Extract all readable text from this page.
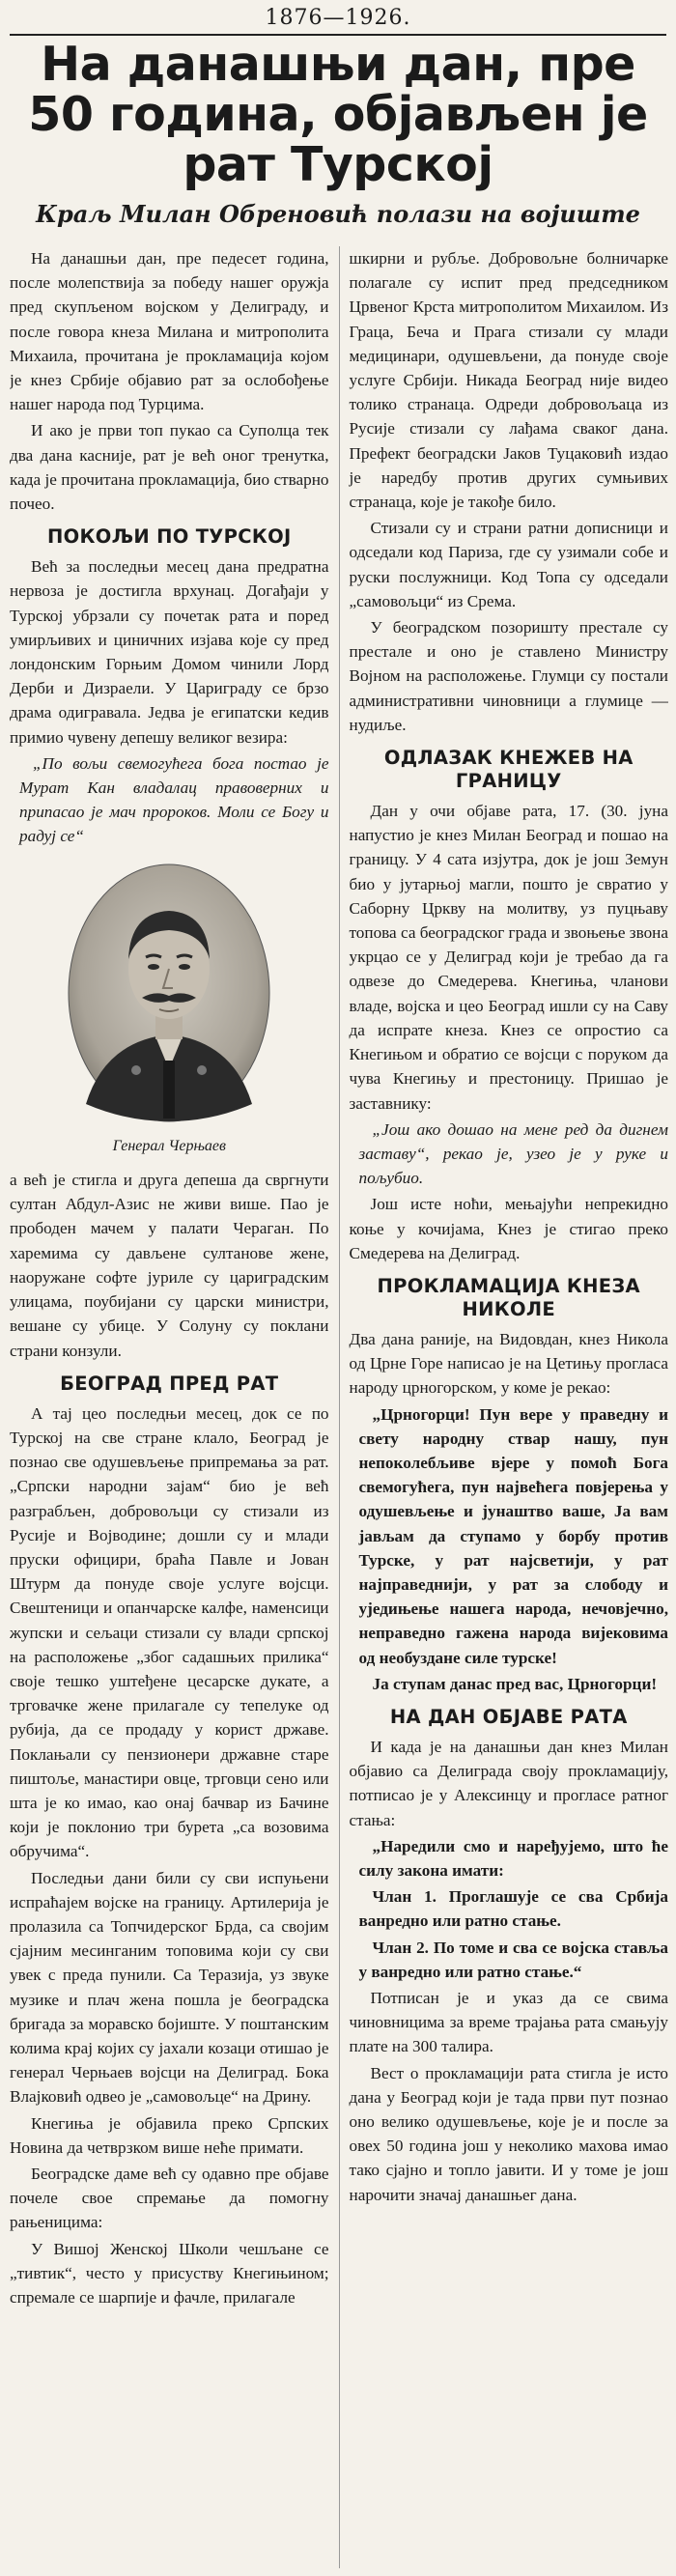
1876—1926.
На данашњи дан, пре 50 година, објављен је рат Турској
Краљ Милан Обреновић полази на војиште

На данашњи дан, пре педесет година, после молепствија за победу нашег оружја пред скупљеном војском у Делиграду, и после говора кнеза Милана и митрополита Михаила, прочитана је прокламација којом је кнез Србије објавио рат за ослобођење нашег народа под Турцима.

И ако је први топ пукао са Суполца тек два дана касније, рат је већ оног тренутка, када је прочитана прокламација, био стварно почео.

ПОКОЉИ ПО ТУРСКОЈ

Већ за последњи месец дана предратна нервоза је достигла врхунац. Догађаји у Турској убрзали су почетак рата и поред умирљивих и циничних изјава које су пред лондонским Горњим Домом чинили Лорд Дерби и Дизраели. У Цариграду се брзо драма одигравала. Једва је египатски кедив примио чувену депешу великог везира:

„По вољи свемогућега бога постао је Мурат Кан владалац правоверних и припасао је мач пророков. Моли се Богу и радуј се“

Генерал Черњаев

а већ је стигла и друга депеша да свргнути султан Абдул-Азис не живи више. Пао је прободен мачем у палати Чераган. По харемима су дављене султанове жене, наоружане софте јуриле су цариградским улицама, поубијани су царски министри, вешане су убице. У Солуну су поклани страни конзули.

БЕОГРАД ПРЕД РАТ

А тај цео последњи месец, док се по Турској на све стране клало, Београд је познао све одушевљење припремања за рат. „Српски народни зајам“ био је већ разграбљен, добровољци су стизали из Русије и Војводине; дошли су и млади пруски официри, браћа Павле и Јован Штурм да понуде своје услуге војсци. Свештеници и опанчарске калфе, наменсици жупски и сељаци стизали су влади српској на расположење „због садашњих прилика“ своје тешко уштеђене цесарске дукате, а трговачке жене прилагале су тепелуке од рубија, да се продаду у корист државе. Поклањали су пензионери државне старе пиштоље, манастири овце, трговци сено или шта је ко имао, као онај бачвар из Бачине који је поклонио три бурета „са возовима обручима“.

Последњи дани били су сви испуњени испраћајем војске на границу. Артилерија је пролазила са Топчидерског Брда, са својим сјајним месинганим топовима који су сви увек с преда пунили. Са Теразија, уз звуке музике и плач жена пошла је београдска бригада за моравско бојиште. У поштанским колима крај којих су јахали козаци отишао је генерал Черњаев војсци на Делиград. Бока Влајковић одвео је „самовољце“ на Дрину.

Кнегиња је објавила преко Српских Новина да четврзком више неће примати.

Београдске даме већ су одавно пре објаве почеле свое спремање да помогну рањеницима:

У Вишој Женској Школи чешљане се „тивтик“, често у присуству Кнегињином; спремале се шарпије и фачле, прилагале

шкирни и рубље. Добровољне болничарке полагале су испит пред председником Црвеног Крста митрополитом Михаилом. Из Граца, Беча и Прага стизали су млади медицинари, одушевљени, да понуде своје услуге Србији. Никада Београд није видео толико странаца. Одреди добровољаца из Русије стизали су лађама сваког дана. Префект београдски Јаков Туцаковић издао је наредбу против других сумњивих странаца, које је такође било.

Стизали су и страни ратни дописници и одседали код Париза, где су узимали собе и руски послужници. Код Топа су одседали „самовољци“ из Срема.

У београдском позоришту престале су престале и оно је ставлено Министру Војном на расположење. Глумци су постали административни чиновници а глумице — нудиље.

ОДЛАЗАК КНЕЖЕВ НА ГРАНИЦУ

Дан у очи објаве рата, 17. (30. јуна напустио је кнез Милан Београд и пошао на границу. У 4 сата изјутра, док је још Земун био у јутарњој магли, пошто је свратио у Саборну Цркву на молитву, уз пуцњаву топова са београдског града и звоњење звона укрцао се у Делиград који је требао да га одвезе до Смедерева. Кнегиња, чланови владе, војска и цео Београд ишли су на Саву да испрате кнеза. Кнез се опростио са Кнегињом и обратио се војсци с поруком да чува Кнегињу и престоницу. Пришао је заставнику:

„Још ако дошао на мене ред да дигнем заставу“, рекао је, узео је у руке и пољубио.

Још исте ноћи, мењајући непрекидно коње у кочијама, Кнез је стигао преко Смедерева на Делиград.

ПРОКЛАМАЦИЈА КНЕЗА НИКОЛЕ

Два дана раније, на Видовдан, кнез Никола од Црне Горе написао је на Цетињу прогласа народу црногорском, у коме је рекао:

„Црногорци! Пун вере у праведну и свету народну ствар нашу, пун непоколебљиве вјере у помоћ Бога свемогућега, пун највећега повјерења у одушевљење и јунаштво ваше, Ја вам јављам да ступамо у борбу против Турске, у рат најсветији, у рат најправеднији, у рат за слободу и уједињење нашега народа, нечовјечно, неправедно гажена народа вијековима од необуздане силе турске!

Ја ступам данас пред вас, Црногорци!

НА ДАН ОБЈАВЕ РАТА

И када је на данашњи дан кнез Милан објавио са Делиграда своју прокламацију, потписао је у Алексинцу и прогласе ратног стања:

„Наредили смо и наређујемо, што ће силу закона имати:

Члан 1. Проглашује се сва Србија ванредно или ратно стање.

Члан 2. По томе и сва се војска ставља у ванредно или ратно стање.“

Потписан је и указ да се свима чиновницима за време трајања рата смањују плате на 300 талира.

Вест о прокламацији рата стигла је исто дана у Београд који је тада први пут познао оно велико одушевљење, које је и после за овех 50 година још у неколико махова имао тако сјајно и топло јавити. И у томе је још нарочити значај данашњег дана.
